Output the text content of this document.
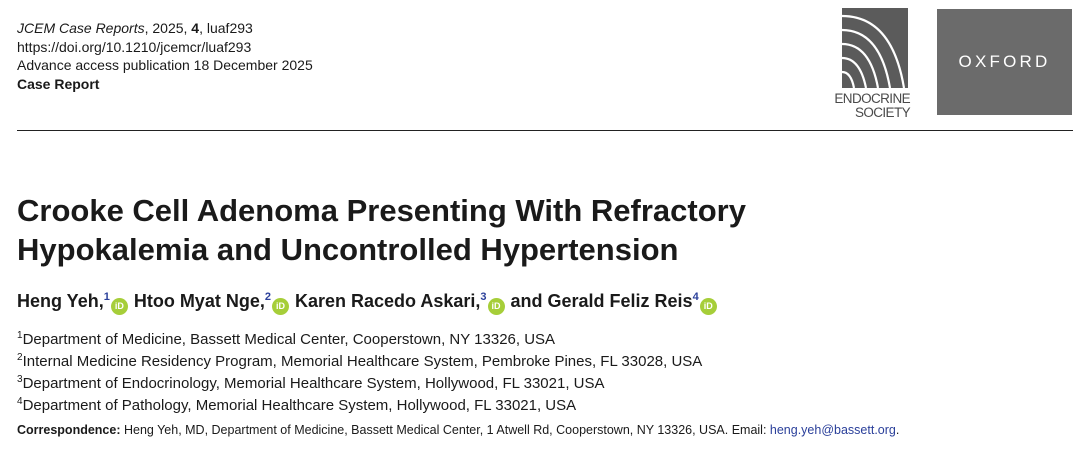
JCEM Case Reports, 2025, 4, luaf293
https://doi.org/10.1210/jcemcr/luaf293
Advance access publication 18 December 2025
Case Report
ENDOCRINE
SOCIETY
OXFORD
Crooke Cell Adenoma Presenting With Refractory
Hypokalemia and Uncontrolled Hypertension
Heng Yeh,$^1$iD Htoo Myat Nge,$^2$iD Karen Racedo Askari,$^3$iD and Gerald Feliz Reis$^4$iD
$^1$Department of Medicine, Bassett Medical Center, Cooperstown, NY 13326, USA
$^2$Internal Medicine Residency Program, Memorial Healthcare System, Pembroke Pines, FL 33028, USA
$^3$Department of Endocrinology, Memorial Healthcare System, Hollywood, FL 33021, USA
$^4$Department of Pathology, Memorial Healthcare System, Hollywood, FL 33021, USA
Correspondence: Heng Yeh, MD, Department of Medicine, Bassett Medical Center, 1 Atwell Rd, Cooperstown, NY 13326, USA. Email: heng.yeh@bassett.org.
